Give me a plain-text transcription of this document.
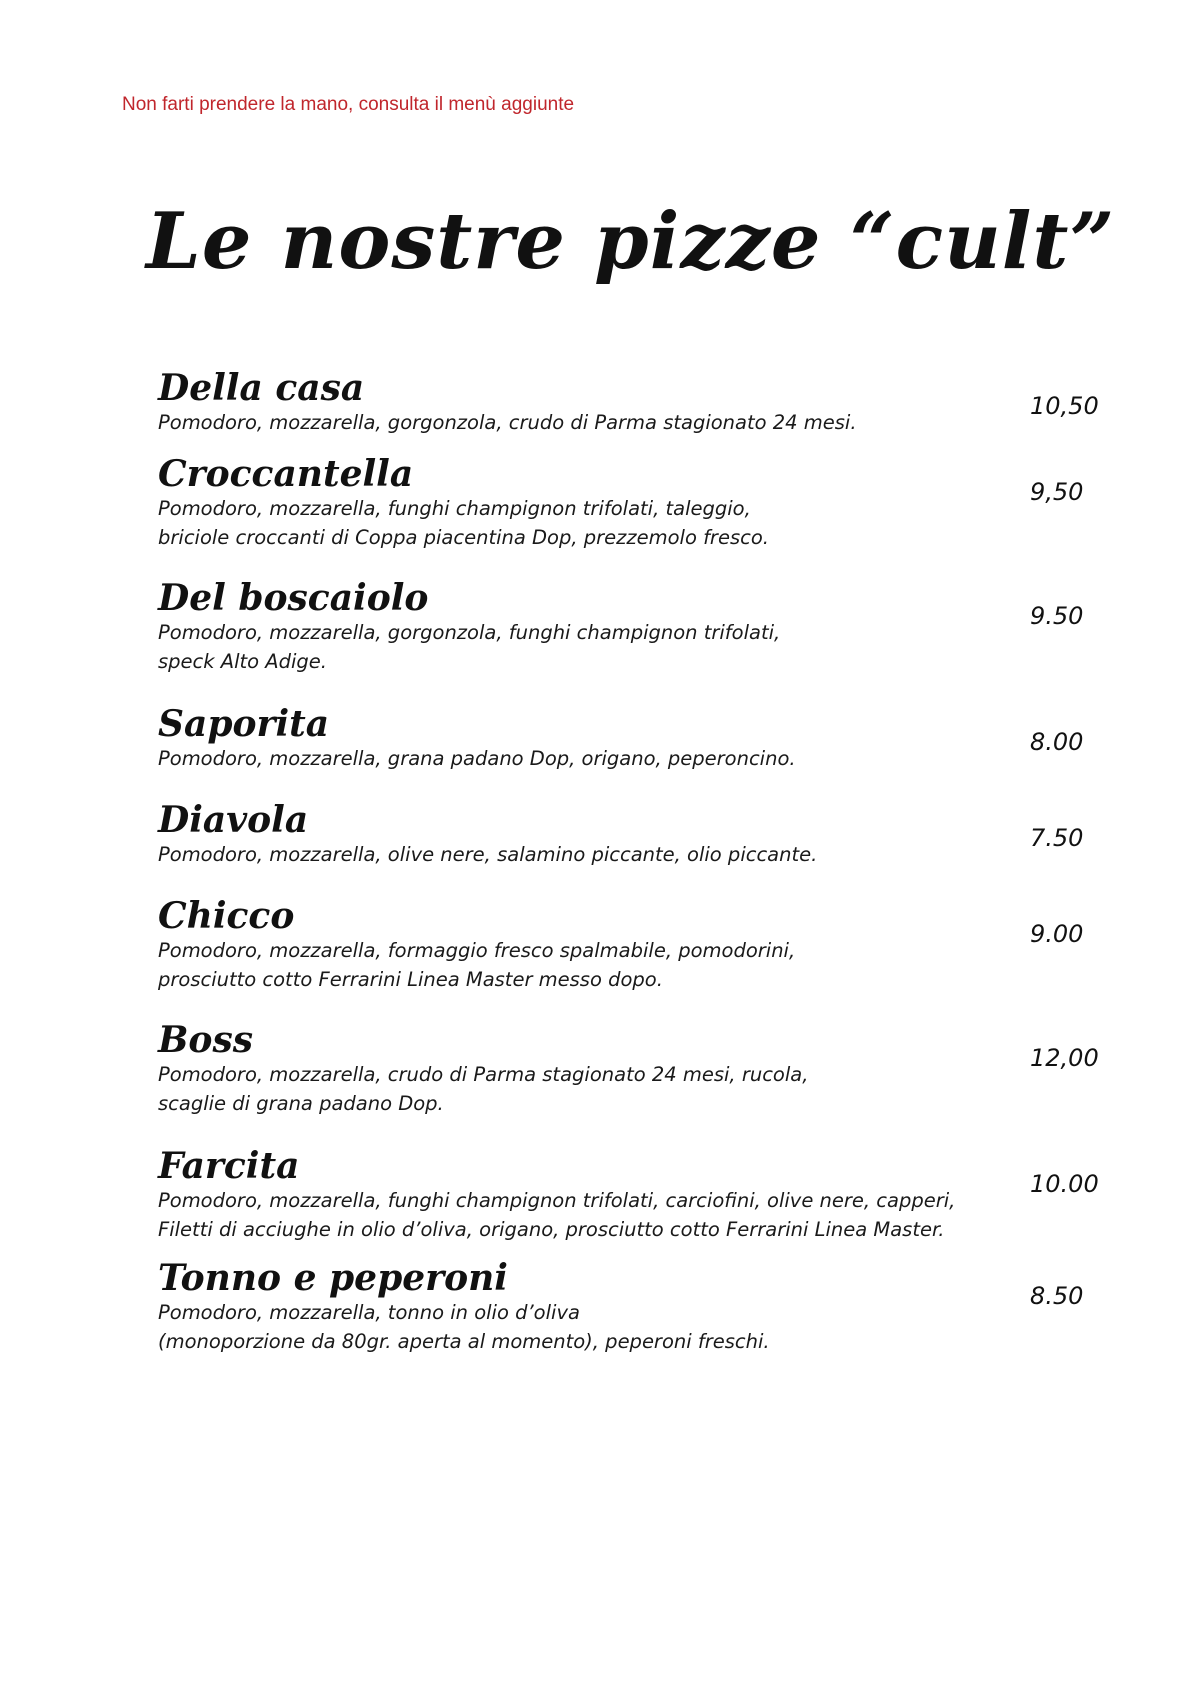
Non farti prendere la mano, consulta il menù aggiunte
Le nostre pizze “cult”
Della casa
Pomodoro, mozzarella, gorgonzola, crudo di Parma stagionato 24 mesi.
10,50
Croccantella
Pomodoro, mozzarella, funghi champignon trifolati, taleggio,
briciole croccanti di Coppa piacentina Dop, prezzemolo fresco.
9,50
Del boscaiolo
Pomodoro, mozzarella, gorgonzola, funghi champignon trifolati,
speck Alto Adige.
9.50
Saporita
Pomodoro, mozzarella, grana padano Dop, origano, peperoncino.
8.00
Diavola
Pomodoro, mozzarella, olive nere, salamino piccante, olio piccante.
7.50
Chicco
Pomodoro, mozzarella, formaggio fresco spalmabile, pomodorini,
prosciutto cotto Ferrarini Linea Master messo dopo.
9.00
Boss
Pomodoro, mozzarella, crudo di Parma stagionato 24 mesi, rucola,
scaglie di grana padano Dop.
12,00
Farcita
Pomodoro, mozzarella, funghi champignon trifolati, carciofini, olive nere, capperi,
Filetti di acciughe in olio d’oliva, origano, prosciutto cotto Ferrarini Linea Master.
10.00
Tonno e peperoni
Pomodoro, mozzarella, tonno in olio d’oliva
(monoporzione da 80gr. aperta al momento), peperoni freschi.
8.50
